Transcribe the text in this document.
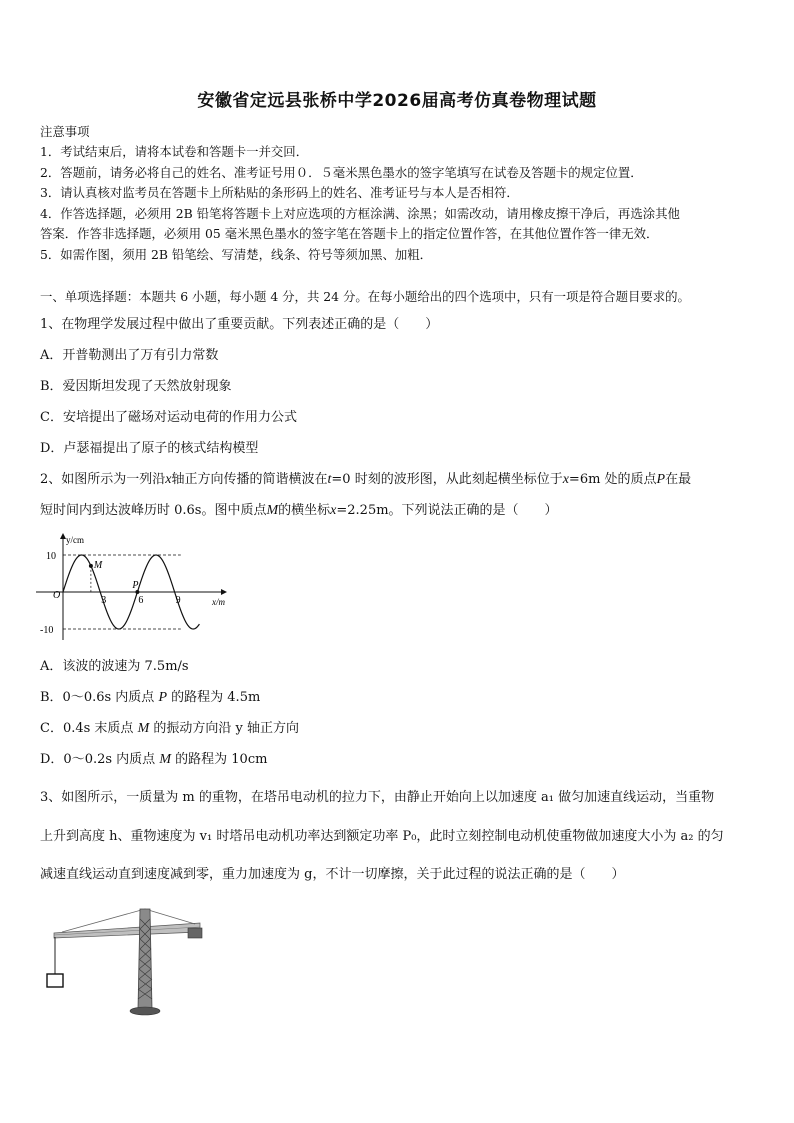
安徽省定远县张桥中学2026届高考仿真卷物理试题
注意事项
1．考试结束后，请将本试卷和答题卡一并交回．
2．答题前，请务必将自己的姓名、准考证号用０．５毫米黑色墨水的签字笔填写在试卷及答题卡的规定位置．
3．请认真核对监考员在答题卡上所粘贴的条形码上的姓名、准考证号与本人是否相符．
4．作答选择题，必须用 2B 铅笔将答题卡上对应选项的方框涂满、涂黑；如需改动，请用橡皮擦干净后，再选涂其他
答案．作答非选择题，必须用 05 毫米黑色墨水的签字笔在答题卡上的指定位置作答，在其他位置作答一律无效．
5．如需作图，须用 2B 铅笔绘、写清楚，线条、符号等须加黑、加粗．
一、单项选择题：本题共 6 小题，每小题 4 分，共 24 分。在每小题给出的四个选项中，只有一项是符合题目要求的。
1、在物理学发展过程中做出了重要贡献。下列表述正确的是（　　）
A．开普勒测出了万有引力常数
B．爱因斯坦发现了天然放射现象
C．安培提出了磁场对运动电荷的作用力公式
D．卢瑟福提出了原子的核式结构模型
2、如图所示为一列沿x轴正方向传播的简谐横波在t=0 时刻的波形图，从此刻起横坐标位于x=6m 处的质点P在最
短时间内到达波峰历时 0.6s。图中质点M的横坐标x=2.25m。下列说法正确的是（　　）
3	6	9
10
-10
M
P
y/cm
x/m
O
A．该波的波速为 7.5m/s
B．0～0.6s 内质点 P 的路程为 4.5m
C．0.4s 末质点 M 的振动方向沿 y 轴正方向
D．0～0.2s 内质点 M 的路程为 10cm
3、如图所示，一质量为 m 的重物，在塔吊电动机的拉力下，由静止开始向上以加速度 a₁ 做匀加速直线运动，当重物
上升到高度 h、重物速度为 v₁ 时塔吊电动机功率达到额定功率 P₀，此时立刻控制电动机使重物做加速度大小为 a₂ 的匀
减速直线运动直到速度减到零，重力加速度为 g，不计一切摩擦，关于此过程的说法正确的是（　　）
